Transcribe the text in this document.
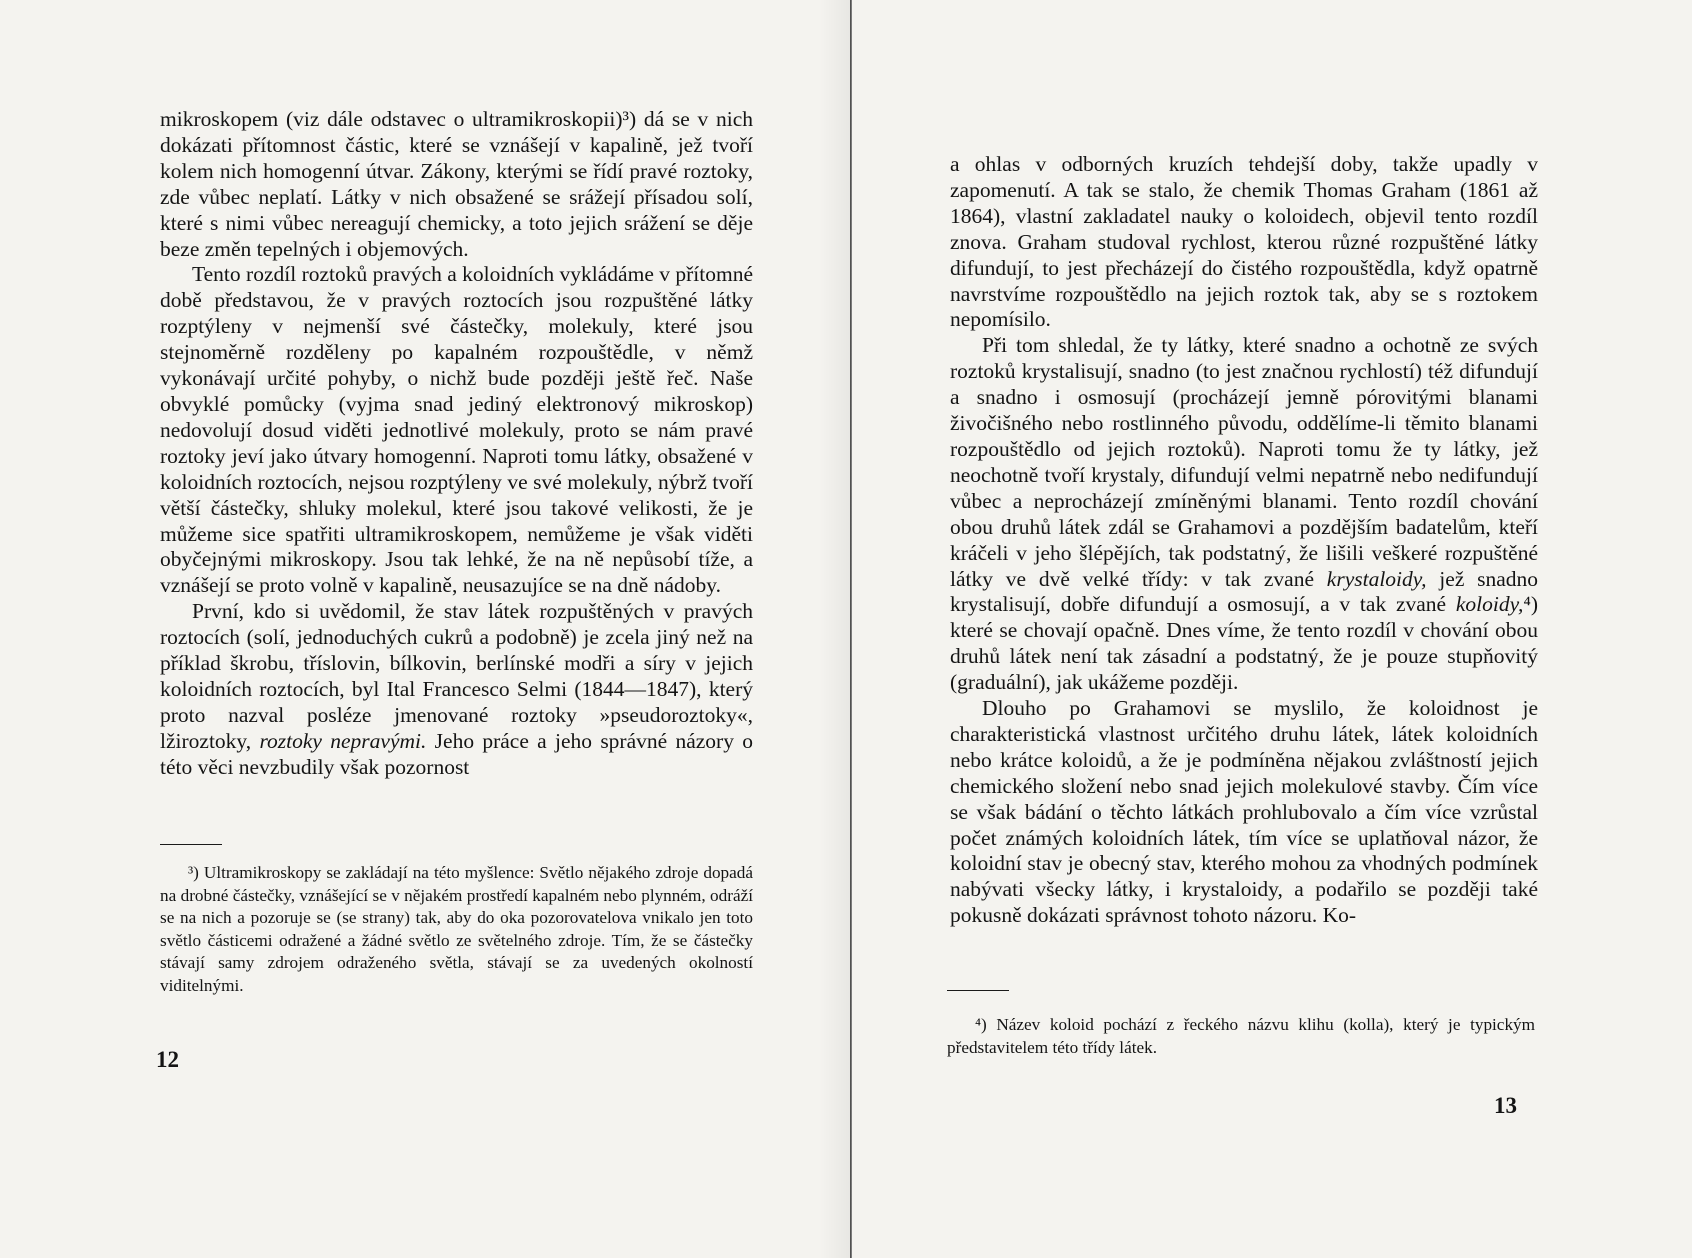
mikroskopem (viz dále odstavec o ultramikroskopii)³) dá se v nich dokázati přítomnost částic, které se vznášejí v kapalině, jež tvoří kolem nich homogenní útvar. Zákony, kterými se řídí pravé roztoky, zde vůbec neplatí. Látky v nich obsažené se srážejí přísadou solí, které s nimi vůbec nereagují chemicky, a toto jejich srážení se děje beze změn tepelných i objemových.

Tento rozdíl roztoků pravých a koloidních vykládáme v přítomné době představou, že v pravých roztocích jsou rozpuštěné látky rozptýleny v nejmenší své částečky, molekuly, které jsou stejnoměrně rozděleny po kapalném rozpouštědle, v němž vykonávají určité pohyby, o nichž bude později ještě řeč. Naše obvyklé pomůcky (vyjma snad jediný elektronový mikroskop) nedovolují dosud viděti jednotlivé molekuly, proto se nám pravé roztoky jeví jako útvary homogenní. Naproti tomu látky, obsažené v koloidních roztocích, nejsou rozptýleny ve své molekuly, nýbrž tvoří větší částečky, shluky molekul, které jsou takové velikosti, že je můžeme sice spatřiti ultramikroskopem, nemůžeme je však viděti obyčejnými mikroskopy. Jsou tak lehké, že na ně nepůsobí tíže, a vznášejí se proto volně v kapalině, neusazujíce se na dně nádoby.

První, kdo si uvědomil, že stav látek rozpuštěných v pravých roztocích (solí, jednoduchých cukrů a podobně) je zcela jiný než na příklad škrobu, tříslovin, bílkovin, berlínské modři a síry v jejich koloidních roztocích, byl Ital Francesco Selmi (1844—1847), který proto nazval posléze jmenované roztoky »pseudoroztoky«, lžiroztoky, roztoky nepravými. Jeho práce a jeho správné názory o této věci nevzbudily však pozornost

³) Ultramikroskopy se zakládají na této myšlence: Světlo nějakého zdroje dopadá na drobné částečky, vznášející se v nějakém prostředí kapalném nebo plynném, odráží se na nich a pozoruje se (se strany) tak, aby do oka pozorovatelova vnikalo jen toto světlo částicemi odražené a žádné světlo ze světelného zdroje. Tím, že se částečky stávají samy zdrojem odraženého světla, stávají se za uvedených okolností viditelnými.
12

a ohlas v odborných kruzích tehdejší doby, takže upadly v zapomenutí. A tak se stalo, že chemik Thomas Graham (1861 až 1864), vlastní zakladatel nauky o koloidech, objevil tento rozdíl znova. Graham studoval rychlost, kterou různé rozpuštěné látky difundují, to jest přecházejí do čistého rozpouštědla, když opatrně navrstvíme rozpouštědlo na jejich roztok tak, aby se s roztokem nepomísilo.

Při tom shledal, že ty látky, které snadno a ochotně ze svých roztoků krystalisují, snadno (to jest značnou rychlostí) též difundují a snadno i osmosují (procházejí jemně pórovitými blanami živočišného nebo rostlinného původu, oddělíme-li těmito blanami rozpouštědlo od jejich roztoků). Naproti tomu že ty látky, jež neochotně tvoří krystaly, difundují velmi nepatrně nebo nedifundují vůbec a neprocházejí zmíněnými blanami. Tento rozdíl chování obou druhů látek zdál se Grahamovi a pozdějším badatelům, kteří kráčeli v jeho šlépějích, tak podstatný, že lišili veškeré rozpuštěné látky ve dvě velké třídy: v tak zvané krystaloidy, jež snadno krystalisují, dobře difundují a osmosují, a v tak zvané koloidy,⁴) které se chovají opačně. Dnes víme, že tento rozdíl v chování obou druhů látek není tak zásadní a podstatný, že je pouze stupňovitý (graduální), jak ukážeme později.

Dlouho po Grahamovi se myslilo, že koloidnost je charakteristická vlastnost určitého druhu látek, látek koloidních nebo krátce koloidů, a že je podmíněna nějakou zvláštností jejich chemického složení nebo snad jejich molekulové stavby. Čím více se však bádání o těchto látkách prohlubovalo a čím více vzrůstal počet známých koloidních látek, tím více se uplatňoval názor, že koloidní stav je obecný stav, kterého mohou za vhodných podmínek nabývati všecky látky, i krystaloidy, a podařilo se později také pokusně dokázati správnost tohoto názoru. Ko-

⁴) Název koloid pochází z řeckého názvu klihu (kolla), který je typickým představitelem této třídy látek.
13
